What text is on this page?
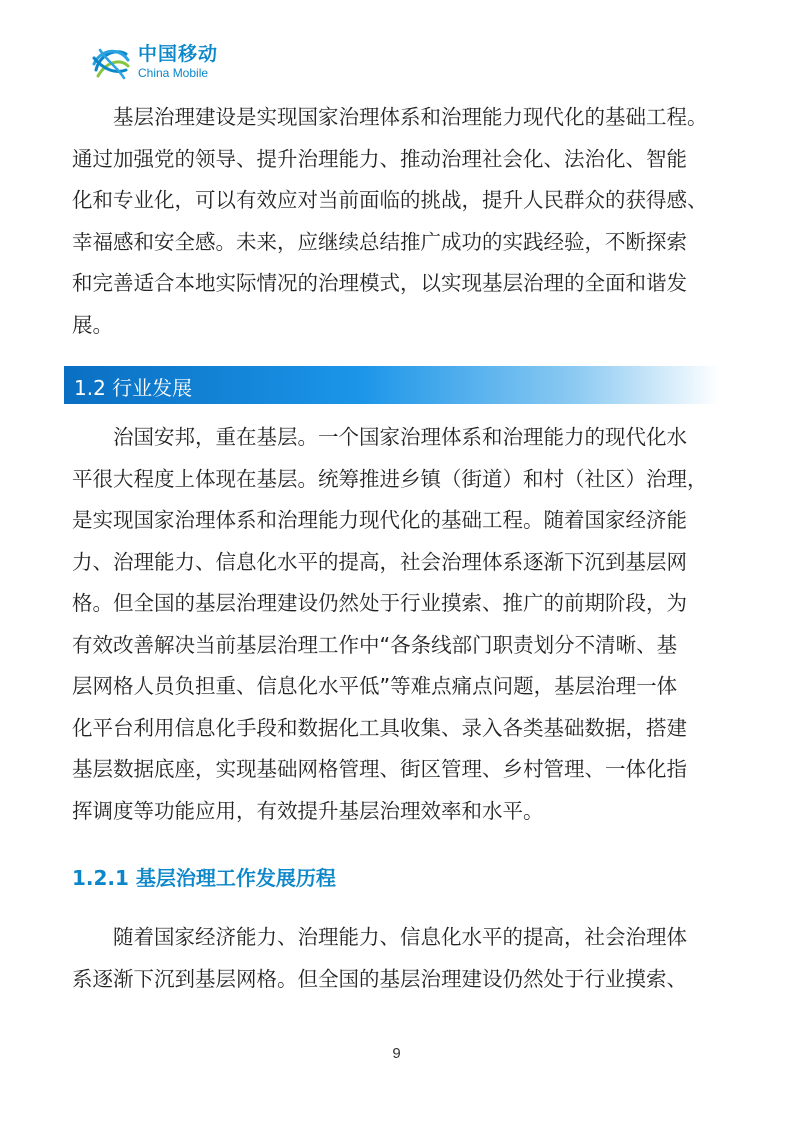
中国移动
China Mobile
基层治理建设是实现国家治理体系和治理能力现代化的基础工程。
通过加强党的领导、提升治理能力、推动治理社会化、法治化、智能
化和专业化，可以有效应对当前面临的挑战，提升人民群众的获得感、
幸福感和安全感。未来，应继续总结推广成功的实践经验，不断探索
和完善适合本地实际情况的治理模式，以实现基层治理的全面和谐发
展。
1.2 行业发展
治国安邦，重在基层。一个国家治理体系和治理能力的现代化水
平很大程度上体现在基层。统筹推进乡镇（街道）和村（社区）治理，
是实现国家治理体系和治理能力现代化的基础工程。随着国家经济能
力、治理能力、信息化水平的提高，社会治理体系逐渐下沉到基层网
格。但全国的基层治理建设仍然处于行业摸索、推广的前期阶段，为
有效改善解决当前基层治理工作中“各条线部门职责划分不清晰、基
层网格人员负担重、信息化水平低”等难点痛点问题，基层治理一体
化平台利用信息化手段和数据化工具收集、录入各类基础数据，搭建
基层数据底座，实现基础网格管理、街区管理、乡村管理、一体化指
挥调度等功能应用，有效提升基层治理效率和水平。
1.2.1 基层治理工作发展历程
随着国家经济能力、治理能力、信息化水平的提高，社会治理体
系逐渐下沉到基层网格。但全国的基层治理建设仍然处于行业摸索、
9
